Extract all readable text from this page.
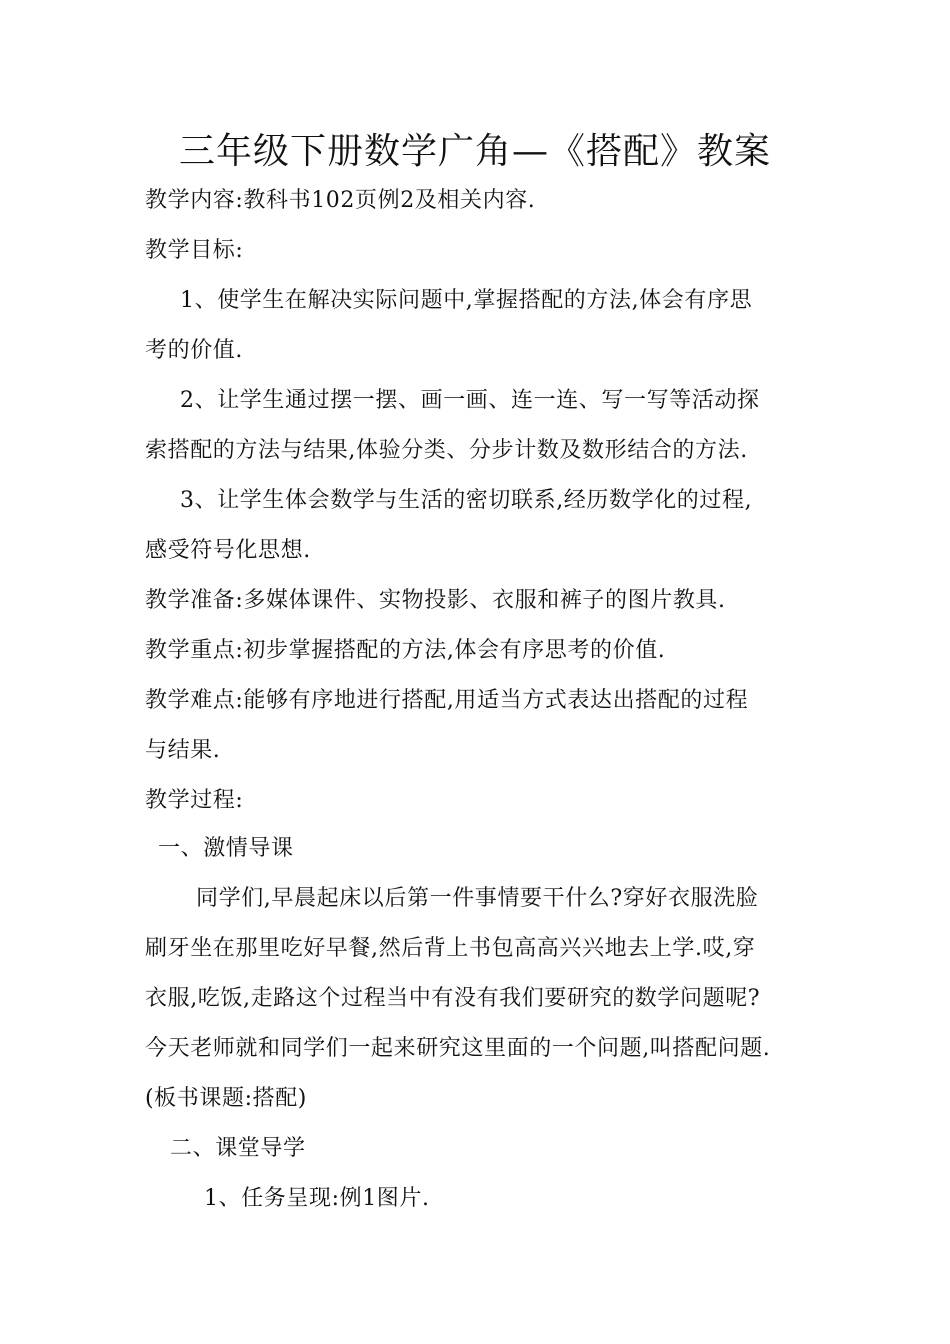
三年级下册数学广角—《搭配》教案
教学内容:教科书102页例2及相关内容.
教学目标:
1、使学生在解决实际问题中,掌握搭配的方法,体会有序思
考的价值.
2、让学生通过摆一摆、画一画、连一连、写一写等活动探
索搭配的方法与结果,体验分类、分步计数及数形结合的方法.
3、让学生体会数学与生活的密切联系,经历数学化的过程,
感受符号化思想.
教学准备:多媒体课件、实物投影、衣服和裤子的图片教具.
教学重点:初步掌握搭配的方法,体会有序思考的价值.
教学难点:能够有序地进行搭配,用适当方式表达出搭配的过程
与结果.
教学过程:
一、激情导课
同学们,早晨起床以后第一件事情要干什么?穿好衣服洗脸
刷牙坐在那里吃好早餐,然后背上书包高高兴兴地去上学.哎,穿
衣服,吃饭,走路这个过程当中有没有我们要研究的数学问题呢?
今天老师就和同学们一起来研究这里面的一个问题,叫搭配问题.
(板书课题:搭配)
二、课堂导学
1、任务呈现:例1图片.
